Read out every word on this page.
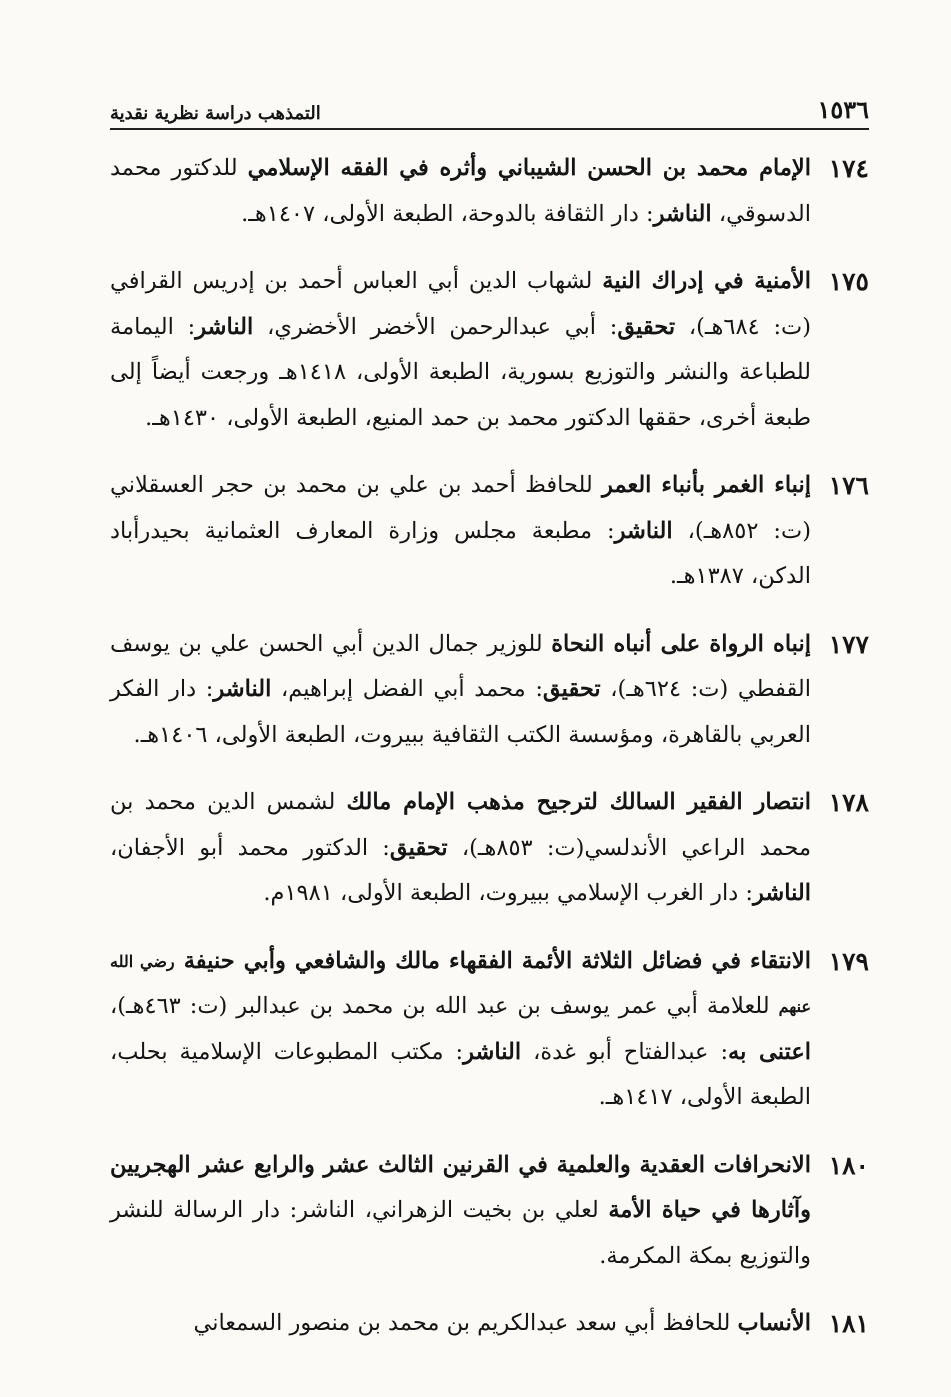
١٥٣٦
التمذهب دراسة نظرية نقدية
١٧٤
الإمام محمد بن الحسن الشيباني وأثره في الفقه الإسلامي للدكتور محمد الدسوقي، الناشر: دار الثقافة بالدوحة، الطبعة الأولى، ١٤٠٧هـ.
١٧٥
الأمنية في إدراك النية لشهاب الدين أبي العباس أحمد بن إدريس القرافي (ت: ٦٨٤هـ)، تحقيق: أبي عبدالرحمن الأخضر الأخضري، الناشر: اليمامة للطباعة والنشر والتوزيع بسورية، الطبعة الأولى، ١٤١٨هـ ورجعت أيضاً إلى طبعة أخرى، حققها الدكتور محمد بن حمد المنيع، الطبعة الأولى، ١٤٣٠هـ.
١٧٦
إنباء الغمر بأنباء العمر للحافظ أحمد بن علي بن محمد بن حجر العسقلاني (ت: ٨٥٢هـ)، الناشر: مطبعة مجلس وزارة المعارف العثمانية بحيدرأباد الدكن، ١٣٨٧هـ.
١٧٧
إنباه الرواة على أنباه النحاة للوزير جمال الدين أبي الحسن علي بن يوسف القفطي (ت: ٦٢٤هـ)، تحقيق: محمد أبي الفضل إبراهيم، الناشر: دار الفكر العربي بالقاهرة، ومؤسسة الكتب الثقافية ببيروت، الطبعة الأولى، ١٤٠٦هـ.
١٧٨
انتصار الفقير السالك لترجيح مذهب الإمام مالك لشمس الدين محمد بن محمد الراعي الأندلسي(ت: ٨٥٣هـ)، تحقيق: الدكتور محمد أبو الأجفان، الناشر: دار الغرب الإسلامي ببيروت، الطبعة الأولى، ١٩٨١م.
١٧٩
الانتقاء في فضائل الثلاثة الأئمة الفقهاء مالك والشافعي وأبي حنيفة $^{رضي الله عنهم}$ للعلامة أبي عمر يوسف بن عبد الله بن محمد بن عبدالبر (ت: ٤٦٣هـ)، اعتنى به: عبدالفتاح أبو غدة، الناشر: مكتب المطبوعات الإسلامية بحلب، الطبعة الأولى، ١٤١٧هـ.
١٨٠
الانحرافات العقدية والعلمية في القرنين الثالث عشر والرابع عشر الهجريين وآثارها في حياة الأمة لعلي بن بخيت الزهراني، الناشر: دار الرسالة للنشر والتوزيع بمكة المكرمة.
١٨١
الأنساب للحافظ أبي سعد عبدالكريم بن محمد بن منصور السمعاني
